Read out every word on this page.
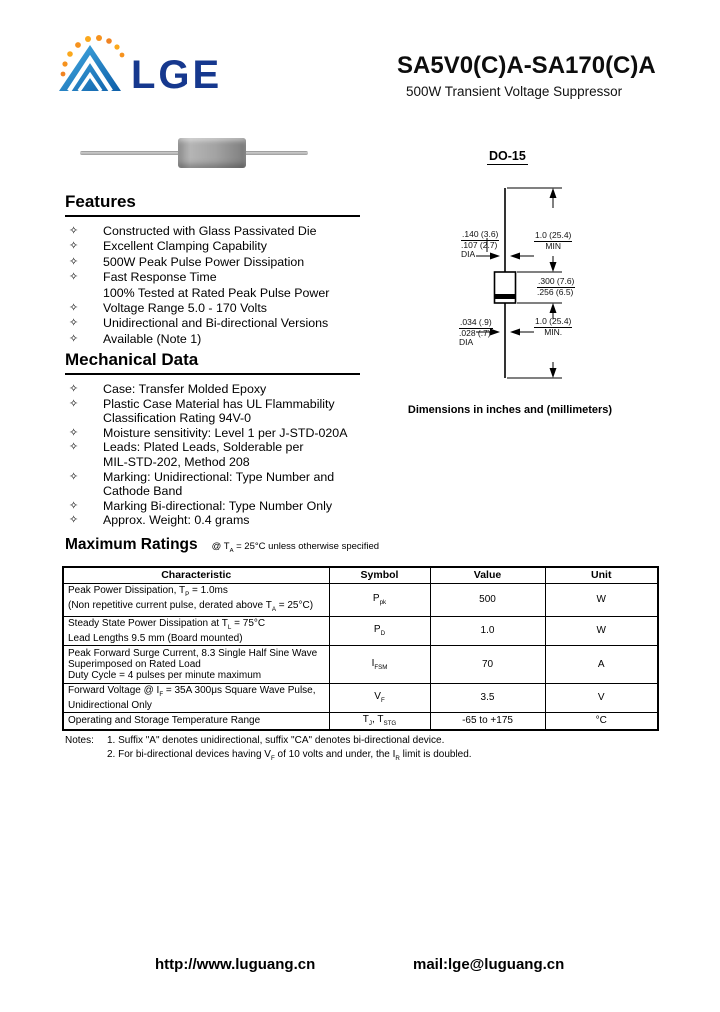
LGE	SA5V0(C)A-SA170(C)A
500W Transient Voltage Suppressor
DO-15
.140 (3.6)
.107 (2.7)
DIA
1.0 (25.4)
MIN
.300 (7.6)
.256 (6.5)
.034 (.9)
.028 (.7)
DIA
1.0 (25.4)
MIN.
Dimensions in inches and (millimeters)
Features
✧	Constructed with Glass Passivated Die
✧	Excellent Clamping Capability
✧	500W Peak Pulse Power Dissipation
✧	Fast Response Time
100% Tested at Rated Peak Pulse Power
✧	Voltage Range 5.0 - 170 Volts
✧	Unidirectional and Bi-directional Versions
✧	Available (Note 1)
Mechanical Data
✧	Case: Transfer Molded Epoxy
✧	Plastic Case Material has UL Flammability
Classification Rating 94V-0
✧	Moisture sensitivity: Level 1 per J-STD-020A
✧	Leads: Plated Leads, Solderable per
MIL-STD-202, Method 208
✧	Marking: Unidirectional: Type Number and
Cathode Band
✧	Marking Bi-directional: Type Number Only
✧	Approx. Weight: 0.4 grams
Maximum Ratings @ $T_A = 25^\circ C$ unless otherwise specified
Characteristic	Symbol	Value	Unit

Peak Power Dissipation, $T_P = 1.0ms$
(Non repetitive current pulse, derated above $T_A = 25^\circ C$)	$P_{pk}$	500	W

Steady State Power Dissipation at $T_L = 75^\circ C$
Lead Lengths 9.5 mm (Board mounted)	$P_D$	1.0	W

Peak Forward Surge Current, 8.3 Single Half Sine Wave
Superimposed on Rated Load
Duty Cycle = 4 pulses per minute maximum	$I_{FSM}$	70	A

Forward Voltage @ $I_F = 35A$ 300μs Square Wave Pulse,
Unidirectional Only	$V_F$	3.5	V

Operating and Storage Temperature Range	$T_J$, $T_{STG}$	-65 to +175	°C
Notes:	1. Suffix "A" denotes unidirectional, suffix "CA" denotes bi-directional device.
2. For bi-directional devices having $V_F$ of 10 volts and under, the $I_R$ limit is doubled.
http://www.luguang.cn	mail:lge@luguang.cn
